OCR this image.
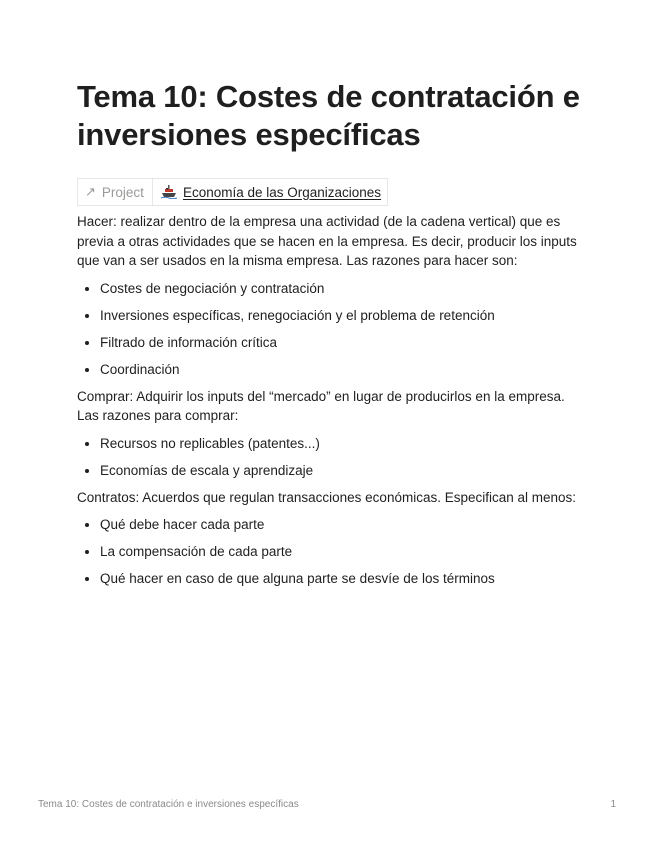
Tema 10: Costes de contratación e inversiones específicas
↗ Project	Economía de las Organizaciones

Hacer: realizar dentro de la empresa una actividad (de la cadena vertical) que es previa a otras actividades que se hacen en la empresa. Es decir, producir los inputs que van a ser usados en la misma empresa. Las razones para hacer son:

• Costes de negociación y contratación
• Inversiones específicas, renegociación y el problema de retención
• Filtrado de información crítica
• Coordinación

Comprar: Adquirir los inputs del “mercado” en lugar de producirlos en la empresa. Las razones para comprar:

• Recursos no replicables (patentes...)
• Economías de escala y aprendizaje

Contratos: Acuerdos que regulan transacciones económicas. Especifican al menos:

• Qué debe hacer cada parte
• La compensación de cada parte
• Qué hacer en caso de que alguna parte se desvíe de los términos
Tema 10: Costes de contratación e inversiones específicas	1
